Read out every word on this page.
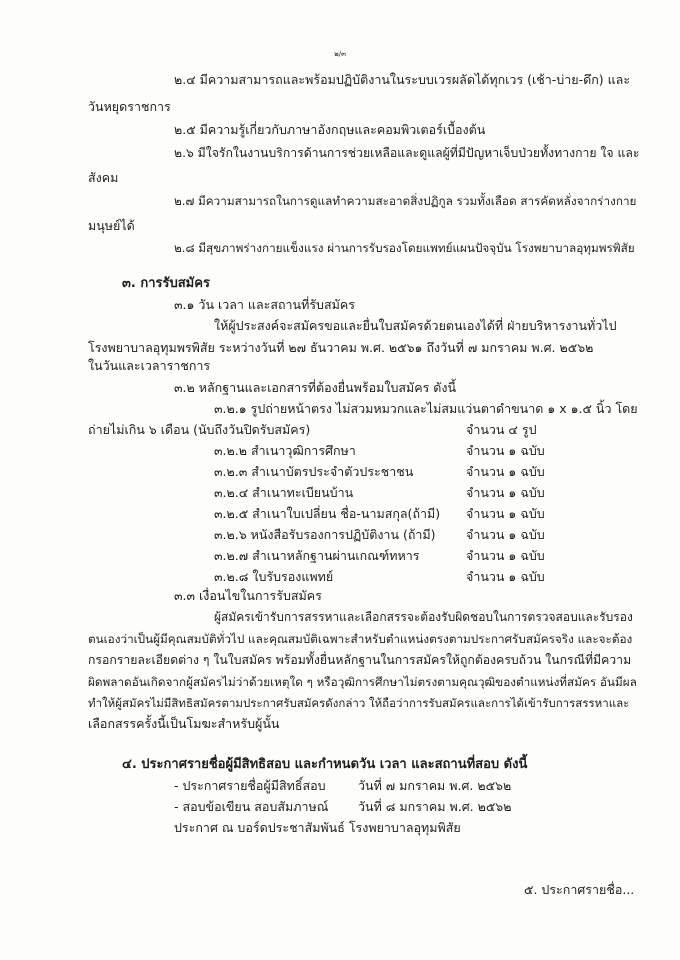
๒/๓
๒.๔ มีความสามารถและพร้อมปฏิบัติงานในระบบเวรผลัดได้ทุกเวร (เช้า-บ่าย-ดึก) และ
วันหยุดราชการ
๒.๕ มีความรู้เกี่ยวกับภาษาอังกฤษและคอมพิวเตอร์เบื้องต้น
๒.๖ มีใจรักในงานบริการด้านการช่วยเหลือและดูแลผู้ที่มีปัญหาเจ็บป่วยทั้งทางกาย ใจ และ
สังคม
๒.๗ มีความสามารถในการดูแลทำความสะอาดสิ่งปฏิกูล รวมทั้งเลือด สารคัดหลั่งจากร่างกาย
มนุษย์ได้
๒.๘ มีสุขภาพร่างกายแข็งแรง ผ่านการรับรองโดยแพทย์แผนปัจจุบัน โรงพยาบาลอุทุมพรพิสัย
๓. การรับสมัคร
๓.๑ วัน เวลา และสถานที่รับสมัคร
ให้ผู้ประสงค์จะสมัครขอและยื่นใบสมัครด้วยตนเองได้ที่ ฝ่ายบริหารงานทั่วไป
โรงพยาบาลอุทุมพรพิสัย ระหว่างวันที่ ๒๗ ธันวาคม พ.ศ. ๒๕๖๑ ถึงวันที่ ๗ มกราคม พ.ศ. ๒๕๖๒
ในวันและเวลาราชการ
๓.๒ หลักฐานและเอกสารที่ต้องยื่นพร้อมใบสมัคร ดังนี้
๓.๒.๑ รูปถ่ายหน้าตรง ไม่สวมหมวกและไม่สมแว่นตาดำขนาด ๑ x ๑.๕ นิ้ว โดย
ถ่ายไม่เกิน ๖ เดือน (นับถึงวันปิดรับสมัคร)	จำนวน ๔ รูป
๓.๒.๒ สำเนาวุฒิการศึกษา	จำนวน ๑ ฉบับ
๓.๒.๓ สำเนาบัตรประจำตัวประชาชน	จำนวน ๑ ฉบับ
๓.๒.๔ สำเนาทะเบียนบ้าน	จำนวน ๑ ฉบับ
๓.๒.๕ สำเนาใบเปลี่ยน ชื่อ-นามสกุล(ถ้ามี) จำนวน ๑ ฉบับ
๓.๒.๖ หนังสือรับรองการปฏิบัติงาน (ถ้ามี) จำนวน ๑ ฉบับ
๓.๒.๗ สำเนาหลักฐานผ่านเกณฑ์ทหาร	จำนวน ๑ ฉบับ
๓.๒.๘ ใบรับรองแพทย์	จำนวน ๑ ฉบับ
๓.๓ เงื่อนไขในการรับสมัคร
ผู้สมัครเข้ารับการสรรหาและเลือกสรรจะต้องรับผิดชอบในการตรวจสอบและรับรอง
ตนเองว่าเป็นผู้มีคุณสมบัติทั่วไป และคุณสมบัติเฉพาะสำหรับตำแหน่งตรงตามประกาศรับสมัครจริง และจะต้อง
กรอกรายละเอียดต่าง ๆ ในใบสมัคร พร้อมทั้งยื่นหลักฐานในการสมัครให้ถูกต้องครบถ้วน ในกรณีที่มีความ
ผิดพลาดอันเกิดจากผู้สมัครไม่ว่าด้วยเหตุใด ๆ หรือวุฒิการศึกษาไม่ตรงตามคุณวุฒิของตำแหน่งที่สมัคร อันมีผล
ทำให้ผู้สมัครไม่มีสิทธิสมัครตามประกาศรับสมัครดังกล่าว ให้ถือว่าการรับสมัครและการได้เข้ารับการสรรหาและ
เลือกสรรครั้งนี้เป็นโมฆะสำหรับผู้นั้น
๔. ประกาศรายชื่อผู้มีสิทธิสอบ และกำหนดวัน เวลา และสถานที่สอบ ดังนี้
- ประกาศรายชื่อผู้มีสิทธิ์สอบ	วันที่ ๗ มกราคม พ.ศ. ๒๕๖๒
- สอบข้อเขียน สอบสัมภาษณ์ วันที่ ๘ มกราคม พ.ศ. ๒๕๖๒
ประกาศ ณ บอร์ดประชาสัมพันธ์ โรงพยาบาลอุทุมพิสัย
๕. ประกาศรายชื่อ...
